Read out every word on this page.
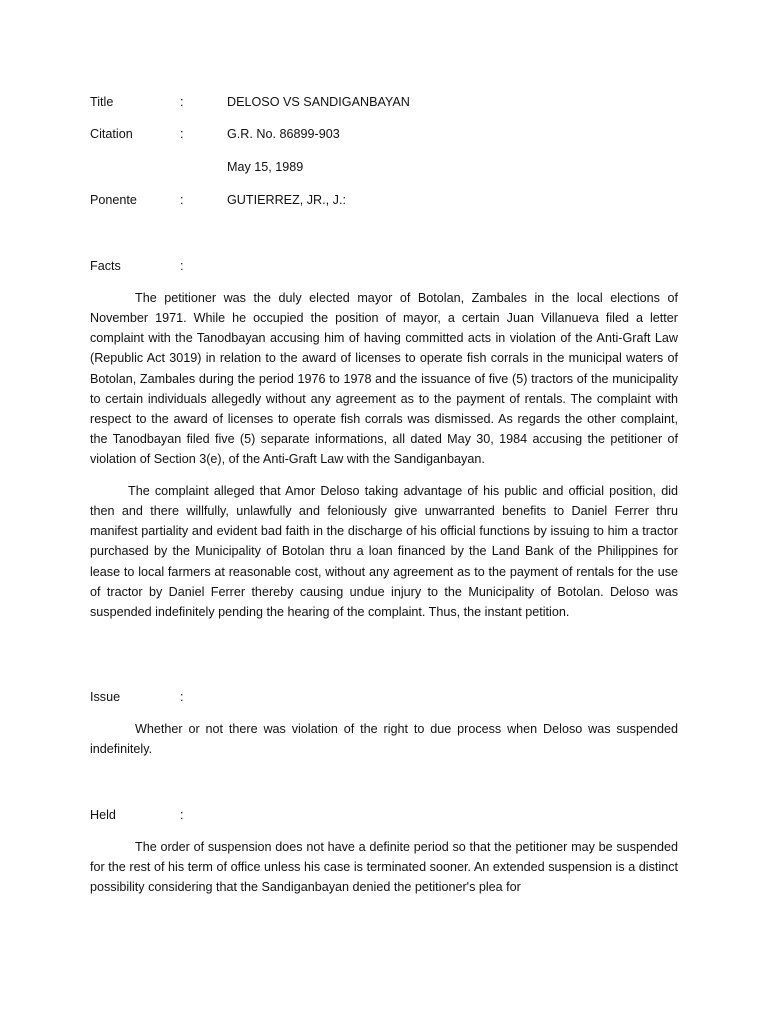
Title	:	DELOSO VS SANDIGANBAYAN
Citation	:	G.R. No. 86899-903
May 15, 1989
Ponente	:	GUTIERREZ, JR., J.:
Facts	:

The petitioner was the duly elected mayor of Botolan, Zambales in the local elections of November 1971. While he occupied the position of mayor, a certain Juan Villanueva filed a letter complaint with the Tanodbayan accusing him of having committed acts in violation of the Anti-Graft Law (Republic Act 3019) in relation to the award of licenses to operate fish corrals in the municipal waters of Botolan, Zambales during the period 1976 to 1978 and the issuance of five (5) tractors of the municipality to certain individuals allegedly without any agreement as to the payment of rentals. The complaint with respect to the award of licenses to operate fish corrals was dismissed. As regards the other complaint, the Tanodbayan filed five (5) separate informations, all dated May 30, 1984 accusing the petitioner of violation of Section 3(e), of the Anti-Graft Law with the Sandiganbayan.

The complaint alleged that Amor Deloso taking advantage of his public and official position, did then and there willfully, unlawfully and feloniously give unwarranted benefits to Daniel Ferrer thru manifest partiality and evident bad faith in the discharge of his official functions by issuing to him a tractor purchased by the Municipality of Botolan thru a loan financed by the Land Bank of the Philippines for lease to local farmers at reasonable cost, without any agreement as to the payment of rentals for the use of tractor by Daniel Ferrer thereby causing undue injury to the Municipality of Botolan. Deloso was suspended indefinitely pending the hearing of the complaint. Thus, the instant petition.

Issue	:

Whether or not there was violation of the right to due process when Deloso was suspended indefinitely.

Held	:

The order of suspension does not have a definite period so that the petitioner may be suspended for the rest of his term of office unless his case is terminated sooner. An extended suspension is a distinct possibility considering that the Sandiganbayan denied the petitioner's plea for
